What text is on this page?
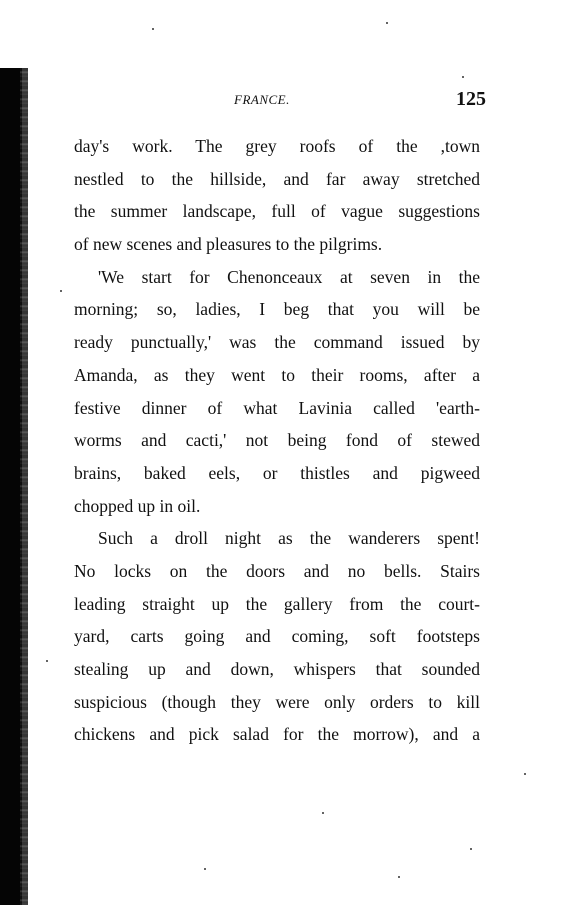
FRANCE.	125
day's work. The grey roofs of the ,town
nestled to the hillside, and far away stretched
the summer landscape, full of vague suggestions
of new scenes and pleasures to the pilgrims.
'We start for Chenonceaux at seven in the
morning; so, ladies, I beg that you will be
ready punctually,' was the command issued by
Amanda, as they went to their rooms, after a
festive dinner of what Lavinia called 'earth-
worms and cacti,' not being fond of stewed
brains, baked eels, or thistles and pigweed
chopped up in oil.
Such a droll night as the wanderers spent!
No locks on the doors and no bells. Stairs
leading straight up the gallery from the court-
yard, carts going and coming, soft footsteps
stealing up and down, whispers that sounded
suspicious (though they were only orders to kill
chickens and pick salad for the morrow), and a
